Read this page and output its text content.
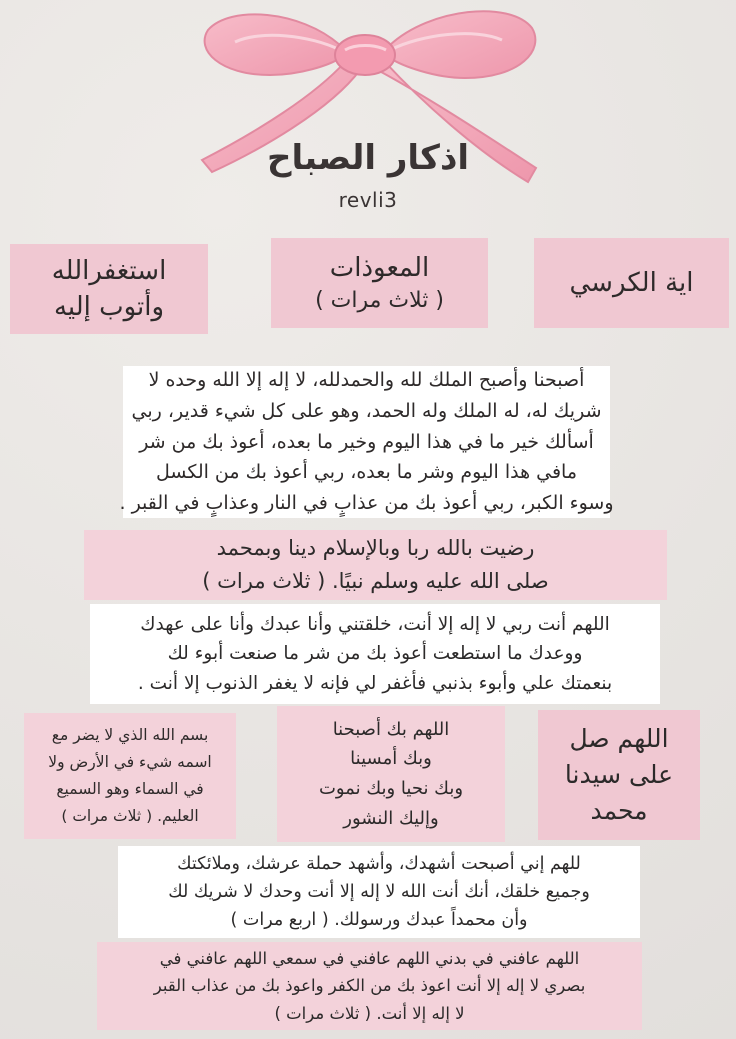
اذكار الصباح
revli3
اية الكرسي
المعوذات
( ثلاث مرات )
استغفرالله
وأتوب إليه
أصبحنا وأصبح الملك لله والحمدلله، لا إله إلا الله وحده لا
شريك له، له الملك وله الحمد، وهو على كل شيء قدير، ربي
أسألك خير ما في هذا اليوم وخير ما بعده، أعوذ بك من شر
مافي هذا اليوم وشر ما بعده، ربي أعوذ بك من الكسل
وسوء الكبر، ربي أعوذ بك من عذابٍ في النار وعذابٍ في القبر .
رضيت بالله ربا وبالإسلام دينا وبمحمد
صلى الله عليه وسلم نبيًا. ( ثلاث مرات )
اللهم أنت ربي لا إله إلا أنت، خلقتني وأنا عبدك وأنا على عهدك
ووعدك ما استطعت أعوذ بك من شر ما صنعت أبوء لك
بنعمتك علي وأبوء بذنبي فأغفر لي فإنه لا يغفر الذنوب إلا أنت .
اللهم صل
على سيدنا
محمد
اللهم بك أصبحنا
وبك أمسينا
وبك نحيا وبك نموت
وإليك النشور
بسم الله الذي لا يضر مع
اسمه شيء في الأرض ولا
في السماء وهو السميع
العليم. ( ثلاث مرات )
للهم إني أصبحت أشهدك، وأشهد حملة عرشك، وملائكتك
وجميع خلقك، أنك أنت الله لا إله إلا أنت وحدك لا شريك لك
وأن محمداً عبدك ورسولك. ( اربع مرات )
اللهم عافني في بدني اللهم عافني في سمعي اللهم عافني في
بصري لا إله إلا أنت اعوذ بك من الكفر واعوذ بك من عذاب القبر
لا إله إلا أنت. ( ثلاث مرات )
